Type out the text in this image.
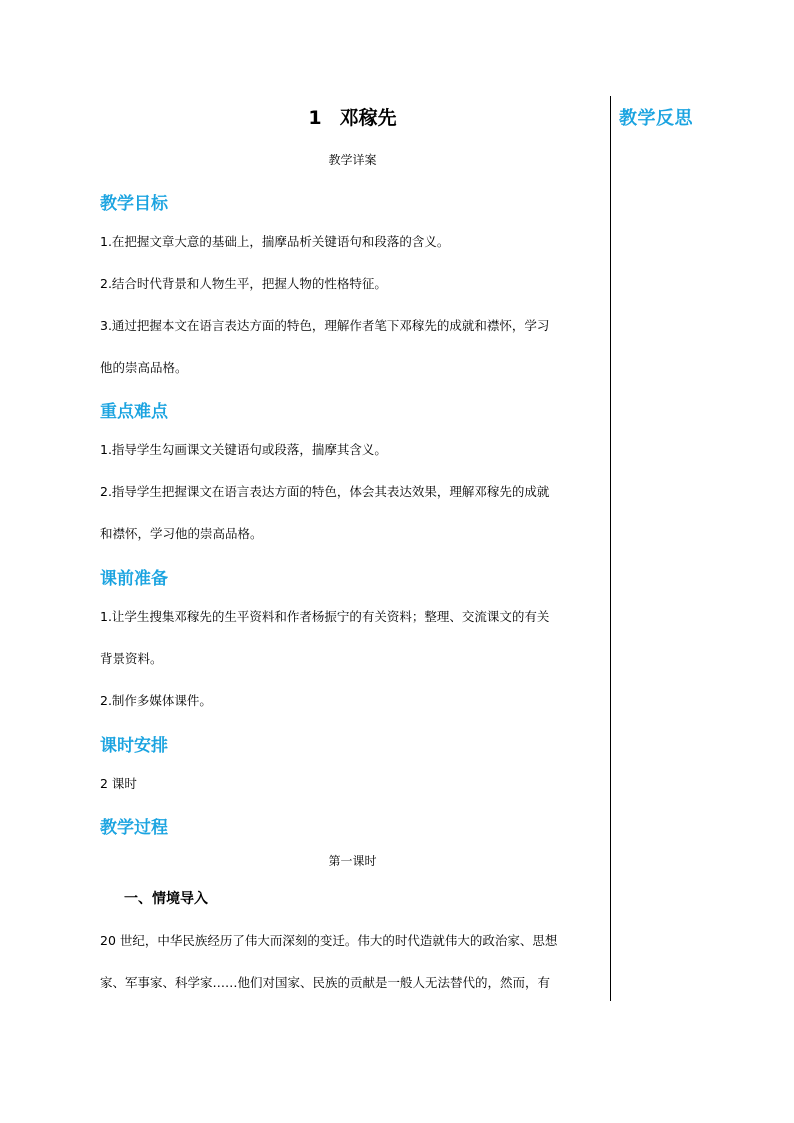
教学反思
1 邓稼先
教学详案
教学目标
1.在把握文章大意的基础上，揣摩品析关键语句和段落的含义。
2.结合时代背景和人物生平，把握人物的性格特征。
3.通过把握本文在语言表达方面的特色，理解作者笔下邓稼先的成就和襟怀，学习
他的崇高品格。
重点难点
1.指导学生勾画课文关键语句或段落，揣摩其含义。
2.指导学生把握课文在语言表达方面的特色，体会其表达效果，理解邓稼先的成就
和襟怀，学习他的崇高品格。
课前准备
1.让学生搜集邓稼先的生平资料和作者杨振宁的有关资料；整理、交流课文的有关
背景资料。
2.制作多媒体课件。
课时安排
2 课时
教学过程
第一课时
一、情境导入
20 世纪，中华民族经历了伟大而深刻的变迁。伟大的时代造就伟大的政治家、思想
家、军事家、科学家……他们对国家、民族的贡献是一般人无法替代的，然而，有
